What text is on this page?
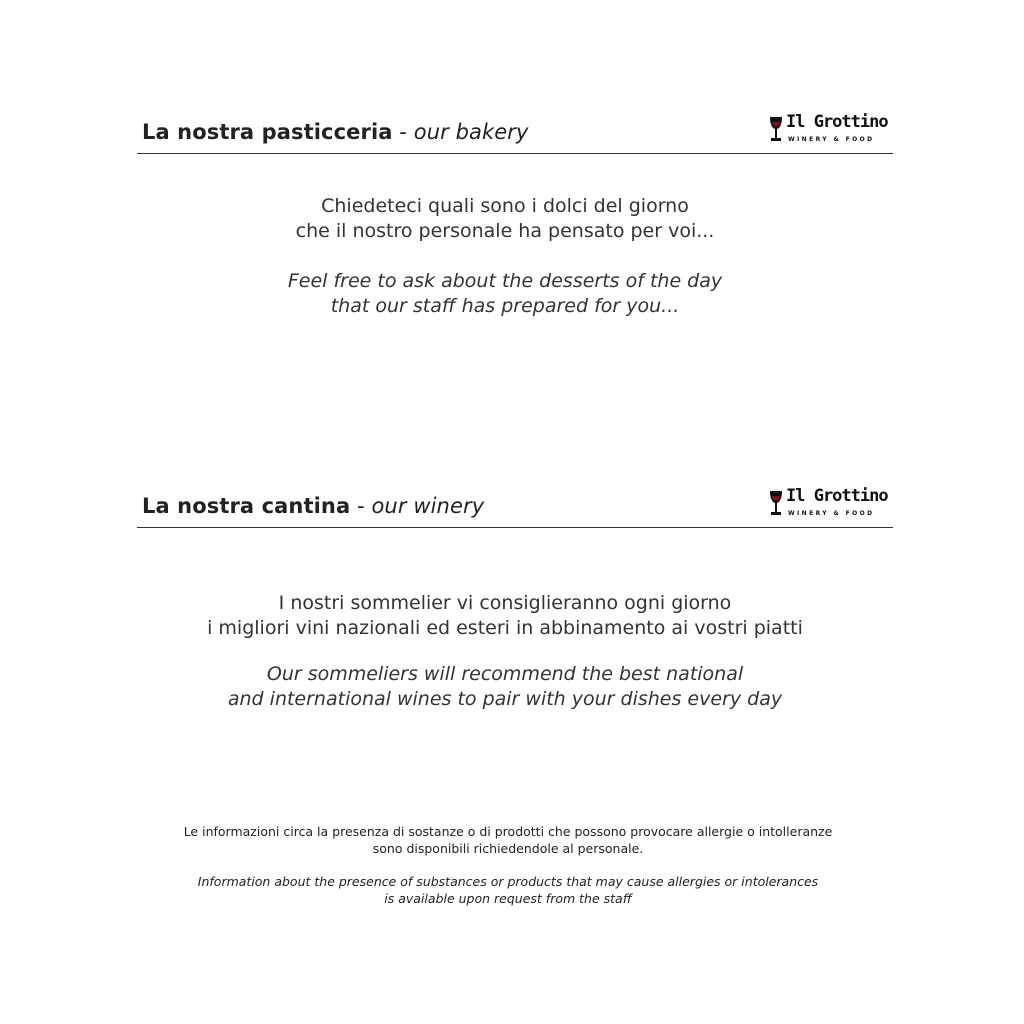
La nostra pasticceria - our bakery	Il Grottino
WINERY & FOOD

Chiedeteci quali sono i dolci del giorno

che il nostro personale ha pensato per voi...

Feel free to ask about the desserts of the day

that our staff has prepared for you...

La nostra cantina - our winery	Il Grottino
WINERY & FOOD

I nostri sommelier vi consiglieranno ogni giorno

i migliori vini nazionali ed esteri in abbinamento ai vostri piatti

Our sommeliers will recommend the best national

and international wines to pair with your dishes every day

Le informazioni circa la presenza di sostanze o di prodotti che possono provocare allergie o intolleranze

sono disponibili richiedendole al personale.

Information about the presence of substances or products that may cause allergies or intolerances

is available upon request from the staff
